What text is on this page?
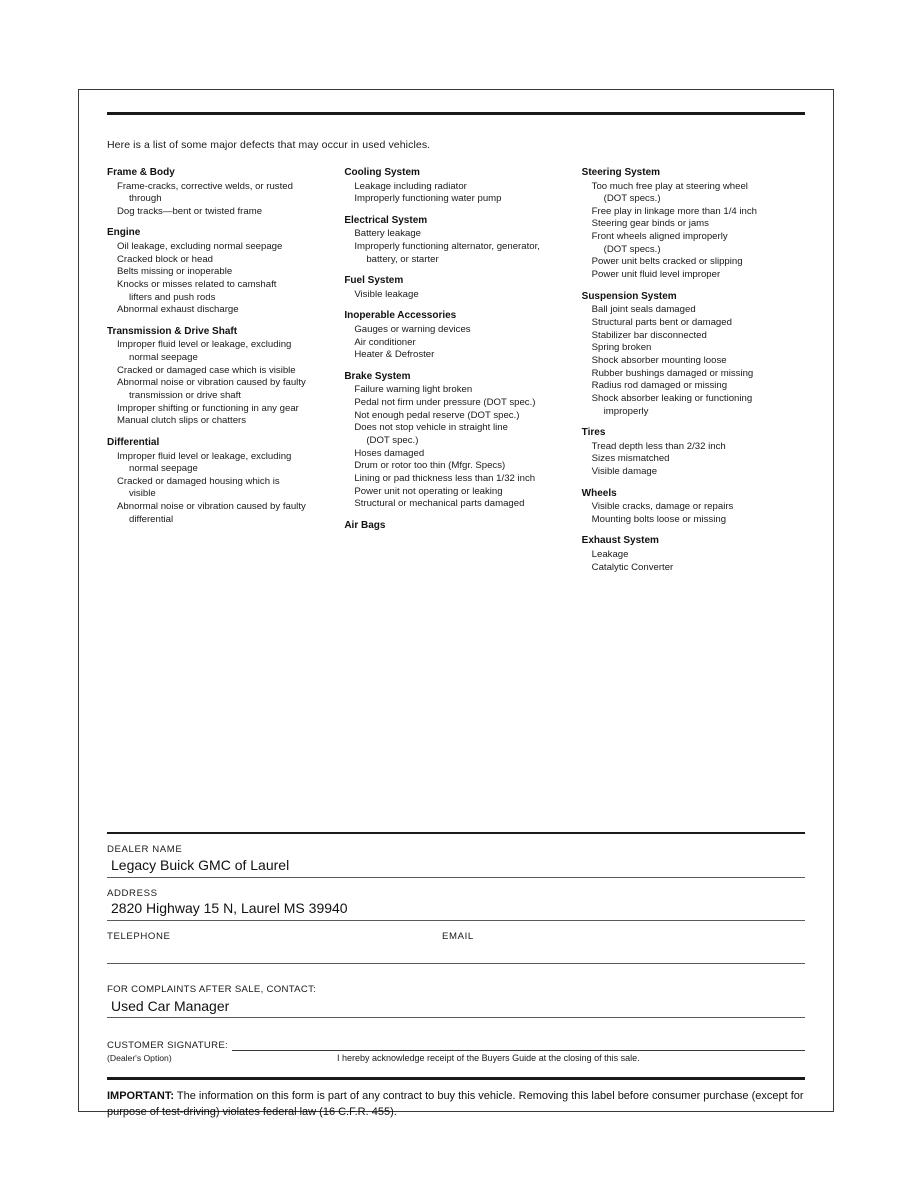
Here is a list of some major defects that may occur in used vehicles.
Frame & Body
Frame-cracks, corrective welds, or rusted
through
Dog tracks—bent or twisted frame
Engine
Oil leakage, excluding normal seepage
Cracked block or head
Belts missing or inoperable
Knocks or misses related to camshaft
lifters and push rods
Abnormal exhaust discharge
Transmission & Drive Shaft
Improper fluid level or leakage, excluding
normal seepage
Cracked or damaged case which is visible
Abnormal noise or vibration caused by faulty
transmission or drive shaft
Improper shifting or functioning in any gear
Manual clutch slips or chatters
Differential
Improper fluid level or leakage, excluding
normal seepage
Cracked or damaged housing which is
visible
Abnormal noise or vibration caused by faulty
differential
Cooling System
Leakage including radiator
Improperly functioning water pump
Electrical System
Battery leakage
Improperly functioning alternator, generator,
battery, or starter
Fuel System
Visible leakage
Inoperable Accessories
Gauges or warning devices
Air conditioner
Heater & Defroster
Brake System
Failure warning light broken
Pedal not firm under pressure (DOT spec.)
Not enough pedal reserve (DOT spec.)
Does not stop vehicle in straight line
(DOT spec.)
Hoses damaged
Drum or rotor too thin (Mfgr. Specs)
Lining or pad thickness less than 1/32 inch
Power unit not operating or leaking
Structural or mechanical parts damaged
Air Bags
Steering System
Too much free play at steering wheel
(DOT specs.)
Free play in linkage more than 1/4 inch
Steering gear binds or jams
Front wheels aligned improperly
(DOT specs.)
Power unit belts cracked or slipping
Power unit fluid level improper
Suspension System
Ball joint seals damaged
Structural parts bent or damaged
Stabilizer bar disconnected
Spring broken
Shock absorber mounting loose
Rubber bushings damaged or missing
Radius rod damaged or missing
Shock absorber leaking or functioning
improperly
Tires
Tread depth less than 2/32 inch
Sizes mismatched
Visible damage
Wheels
Visible cracks, damage or repairs
Mounting bolts loose or missing
Exhaust System
Leakage
Catalytic Converter
DEALER NAME
Legacy Buick GMC of Laurel
ADDRESS
2820 Highway 15 N, Laurel MS 39940
TELEPHONE
	EMAIL

FOR COMPLAINTS AFTER SALE, CONTACT:
Used Car Manager
CUSTOMER SIGNATURE:
(Dealer's Option)	I hereby acknowledge receipt of the Buyers Guide at the closing of this sale.
IMPORTANT: The information on this form is part of any contract to buy this vehicle. Removing this label before consumer purchase (except for purpose of test-driving) violates federal law (16 C.F.R. 455).
